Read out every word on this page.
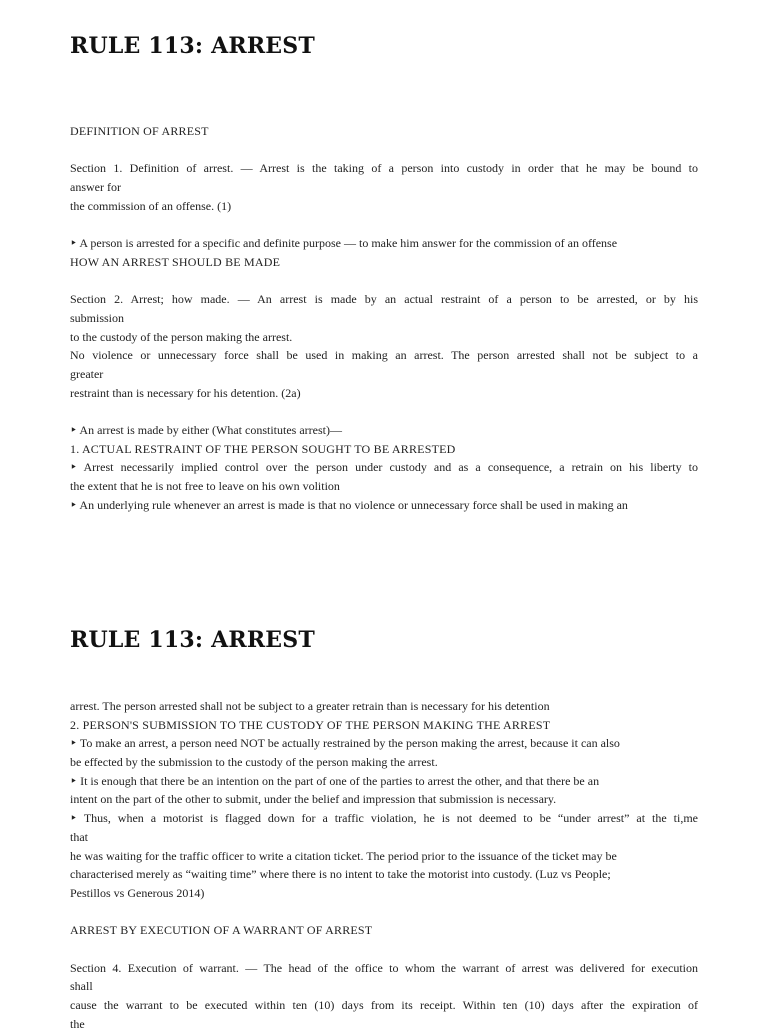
RULE 113: ARREST
DEFINITION OF ARREST
Section 1. Definition of arrest. — Arrest is the taking of a person into custody in order that he may be bound to
answer for
the commission of an offense. (1)
‣ A person is arrested for a specific and definite purpose — to make him answer for the commission of an offense
HOW AN ARREST SHOULD BE MADE
Section 2. Arrest; how made. — An arrest is made by an actual restraint of a person to be arrested, or by his
submission
to the custody of the person making the arrest.
No violence or unnecessary force shall be used in making an arrest. The person arrested shall not be subject to a
greater
restraint than is necessary for his detention. (2a)
‣ An arrest is made by either (What constitutes arrest)—
1. ACTUAL RESTRAINT OF THE PERSON SOUGHT TO BE ARRESTED
‣ Arrest necessarily implied control over the person under custody and as a consequence, a retrain on his liberty to
the extent that he is not free to leave on his own volition
‣ An underlying rule whenever an arrest is made is that no violence or unnecessary force shall be used in making an
RULE 113: ARREST
arrest. The person arrested shall not be subject to a greater retrain than is necessary for his detention
2. PERSON'S SUBMISSION TO THE CUSTODY OF THE PERSON MAKING THE ARREST
‣ To make an arrest, a person need NOT be actually restrained by the person making the arrest, because it can also
be effected by the submission to the custody of the person making the arrest.
‣ It is enough that there be an intention on the part of one of the parties to arrest the other, and that there be an
intent on the part of the other to submit, under the belief and impression that submission is necessary.
‣ Thus, when a motorist is flagged down for a traffic violation, he is not deemed to be “under arrest” at the ti,me
that
he was waiting for the traffic officer to write a citation ticket. The period prior to the issuance of the ticket may be
characterised merely as “waiting time” where there is no intent to take the motorist into custody. (Luz vs People;
Pestillos vs Generous 2014)
ARREST BY EXECUTION OF A WARRANT OF ARREST
Section 4. Execution of warrant. — The head of the office to whom the warrant of arrest was delivered for execution
shall
cause the warrant to be executed within ten (10) days from its receipt. Within ten (10) days after the expiration of
the
